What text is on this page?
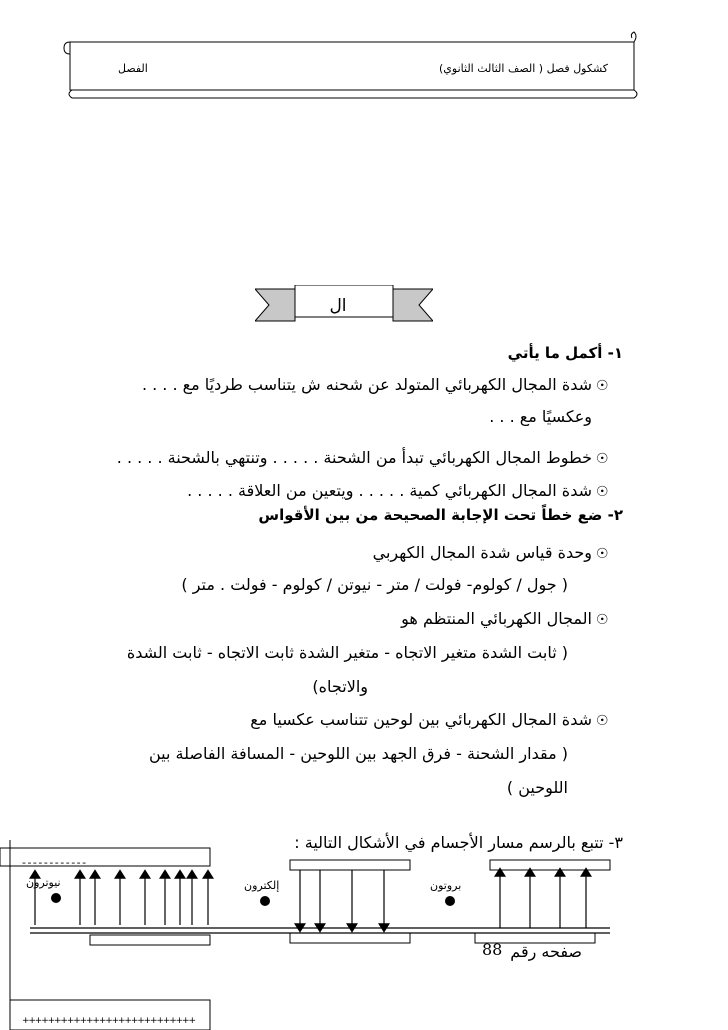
كشكول فصل ( الصف الثالث الثانوي)
الفصل
ال
١- أكمل ما يأتي
☉
شدة المجال الكهربائي المتولد عن شحنه ش يتناسب طرديًا مع . . . .
وعكسيًا مع . . .
☉
خطوط المجال الكهربائي تبدأ من الشحنة . . . . . وتنتهي بالشحنة . . . . .
☉
شدة المجال الكهربائي كمية . . . . . ويتعين من العلاقة . . . . .
٢- ضع خطاً تحت الإجابة الصحيحة من بين الأقواس
☉
وحدة قياس شدة المجال الكهربي
( جول / كولوم- فولت / متر - نيوتن / كولوم - فولت . متر )
☉
المجال الكهربائي المنتظم هو
( ثابت الشدة متغير الاتجاه - متغير الشدة ثابت الاتجاه - ثابت الشدة
والاتجاه)
☉
شدة المجال الكهربائي بين لوحين تتناسب عكسيا مع
( مقدار الشحنة - فرق الجهد بين اللوحين - المسافة الفاصلة بين
اللوحين )
٣- تتبع بالرسم مسار الأجسام في الأشكال التالية :
- - - - - - - - - - - -
نيوترون	إلكترون	بروتون
+ + + + + + + + + + + + + + + + + + + + + + + + + + +
صفحه رقم
88
